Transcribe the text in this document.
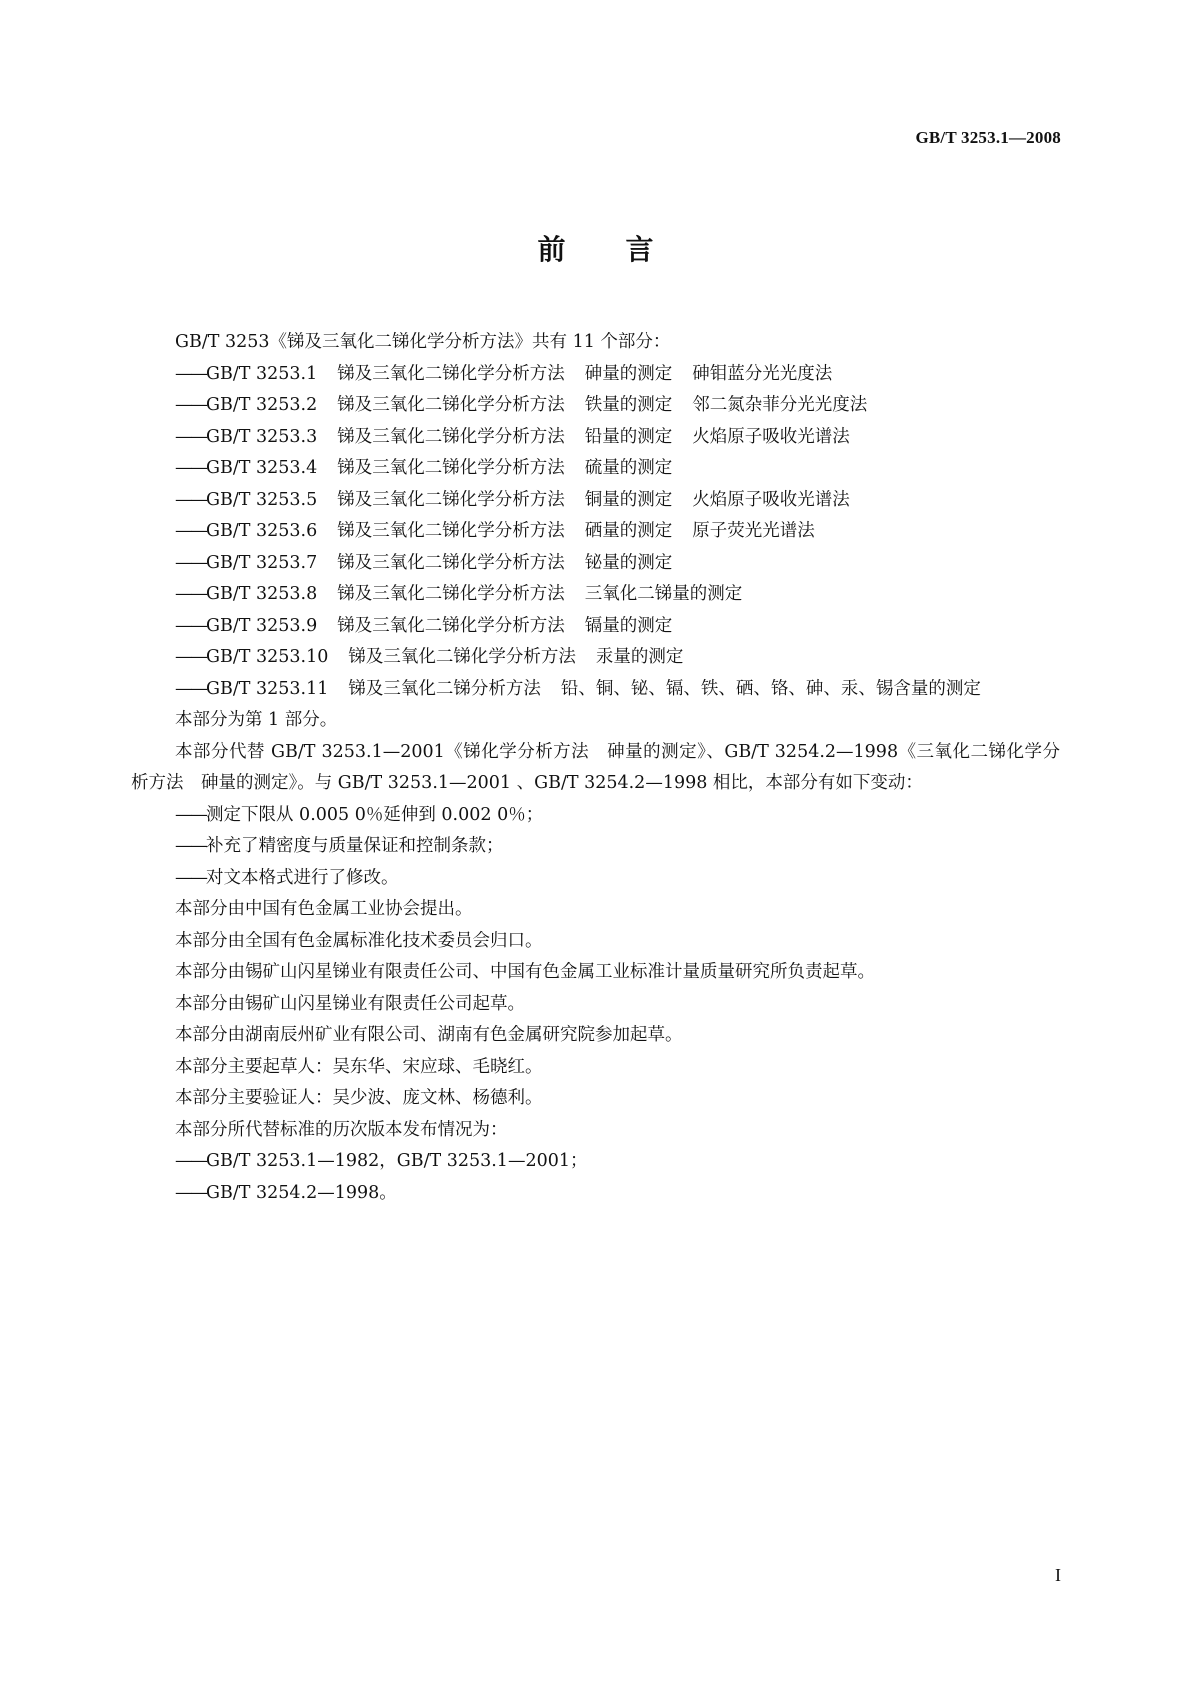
GB/T 3253.1—2008
前言

GB/T 3253《锑及三氧化二锑化学分析方法》共有 11 个部分：

——GB/T 3253.1 锑及三氧化二锑化学分析方法 砷量的测定 砷钼蓝分光光度法

——GB/T 3253.2 锑及三氧化二锑化学分析方法 铁量的测定 邻二氮杂菲分光光度法

——GB/T 3253.3 锑及三氧化二锑化学分析方法 铅量的测定 火焰原子吸收光谱法

——GB/T 3253.4 锑及三氧化二锑化学分析方法 硫量的测定

——GB/T 3253.5 锑及三氧化二锑化学分析方法 铜量的测定 火焰原子吸收光谱法

——GB/T 3253.6 锑及三氧化二锑化学分析方法 硒量的测定 原子荧光光谱法

——GB/T 3253.7 锑及三氧化二锑化学分析方法 铋量的测定

——GB/T 3253.8 锑及三氧化二锑化学分析方法 三氧化二锑量的测定

——GB/T 3253.9 锑及三氧化二锑化学分析方法 镉量的测定

——GB/T 3253.10 锑及三氧化二锑化学分析方法 汞量的测定

——GB/T 3253.11 锑及三氧化二锑分析方法 铅、铜、铋、镉、铁、硒、铬、砷、汞、锡含量的测定

本部分为第 1 部分。

本部分代替 GB/T 3253.1—2001《锑化学分析方法　砷量的测定》、GB/T 3254.2—1998《三氧化二锑化学分析方法　砷量的测定》。与 GB/T 3253.1—2001 、GB/T 3254.2—1998 相比，本部分有如下变动：

——测定下限从 0.005 0％延伸到 0.002 0％；

——补充了精密度与质量保证和控制条款；

——对文本格式进行了修改。

本部分由中国有色金属工业协会提出。

本部分由全国有色金属标准化技术委员会归口。

本部分由锡矿山闪星锑业有限责任公司、中国有色金属工业标准计量质量研究所负责起草。

本部分由锡矿山闪星锑业有限责任公司起草。

本部分由湖南辰州矿业有限公司、湖南有色金属研究院参加起草。

本部分主要起草人：吴东华、宋应球、毛晓红。

本部分主要验证人：吴少波、庞文林、杨德利。

本部分所代替标准的历次版本发布情况为：

——GB/T 3253.1—1982，GB/T 3253.1—2001；

——GB/T 3254.2—1998。

I
